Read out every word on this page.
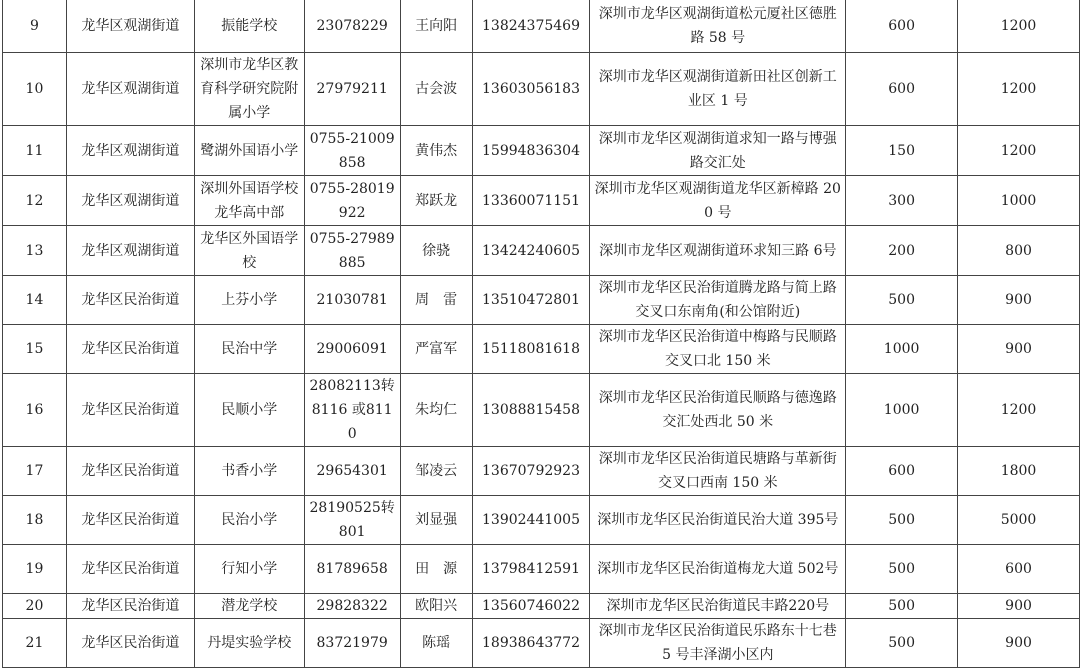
9	龙华区观湖街道	振能学校	23078229	王向阳	13824375469	深圳市龙华区观湖街道松元厦社区德胜路 58 号	600	1200
10	龙华区观湖街道	深圳市龙华区教育科学研究院附属小学	27979211	古会波	13603056183	深圳市龙华区观湖街道新田社区创新工业区 1 号	600	1200
11	龙华区观湖街道	鹭湖外国语小学	0755-21009858	黄伟杰	15994836304	深圳市龙华区观湖街道求知一路与博强路交汇处	150	1200
12	龙华区观湖街道	深圳外国语学校龙华高中部	0755-28019922	郑跃龙	13360071151	深圳市龙华区观湖街道龙华区新樟路 200 号	300	1000
13	龙华区观湖街道	龙华区外国语学校	0755-27989885	徐骁	13424240605	深圳市龙华区观湖街道环求知三路 6号	200	800
14	龙华区民治街道	上芬小学	21030781	周　雷	13510472801	深圳市龙华区民治街道腾龙路与简上路交叉口东南角(和公馆附近)	500	900
15	龙华区民治街道	民治中学	29006091	严富军	15118081618	深圳市龙华区民治街道中梅路与民顺路交叉口北 150 米	1000	900
16	龙华区民治街道	民顺小学	28082113转 8116 或8110	朱均仁	13088815458	深圳市龙华区民治街道民顺路与德逸路交汇处西北 50 米	1000	1200
17	龙华区民治街道	书香小学	29654301	邹凌云	13670792923	深圳市龙华区民治街道民塘路与革新街交叉口西南 150 米	600	1800
18	龙华区民治街道	民治小学	28190525转 801	刘显强	13902441005	深圳市龙华区民治街道民治大道 395号	500	5000
19	龙华区民治街道	行知小学	81789658	田　源	13798412591	深圳市龙华区民治街道梅龙大道 502号	500	600
20	龙华区民治街道	潜龙学校	29828322	欧阳兴	13560746022	深圳市龙华区民治街道民丰路220号	500	900
21	龙华区民治街道	丹堤实验学校	83721979	陈瑶	18938643772	深圳市龙华区民治街道民乐路东十七巷 5 号丰泽湖小区内	500	900
